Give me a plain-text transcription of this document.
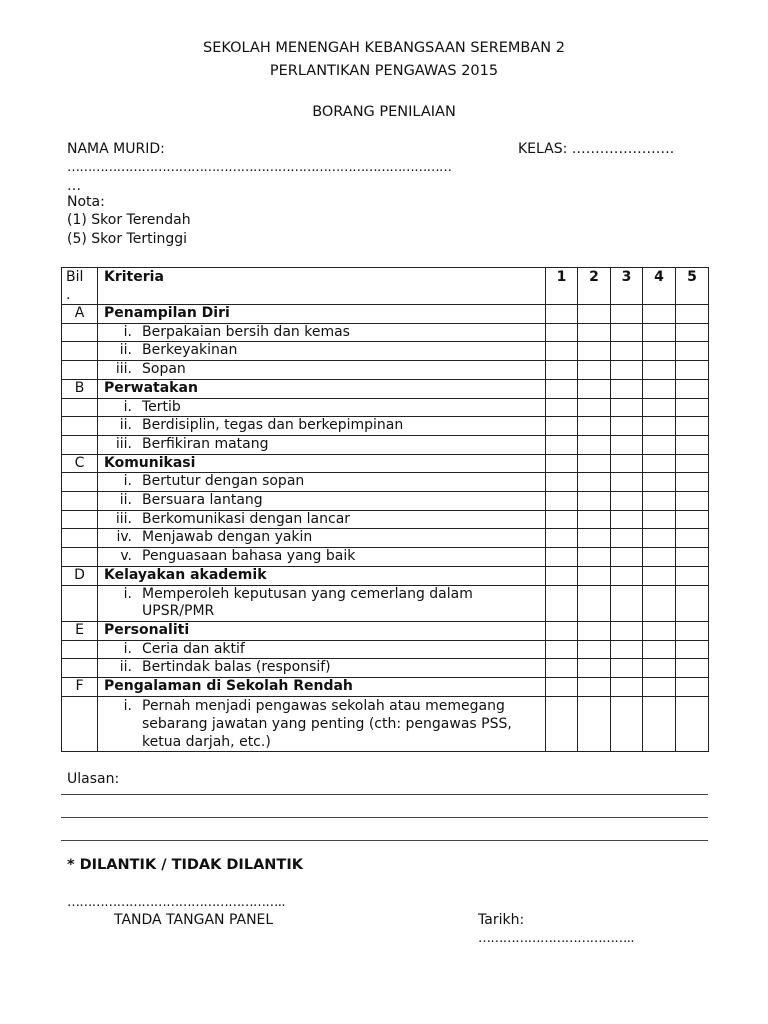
SEKOLAH MENENGAH KEBANGSAAN SEREMBAN 2
PERLANTIKAN PENGAWAS 2015
BORANG PENILAIAN
NAMA MURID:	KELAS: ………………….
…………………………………………………………………………………
…
Nota:
(1) Skor Terendah
(5) Skor Tertinggi
Bil .	Kriteria	1	2	3	4	5
A	Penampilan Diri					
	i. Berpakaian bersih dan kemas					
	ii. Berkeyakinan					
	iii. Sopan					
B	Perwatakan					
	i. Tertib					
	ii. Berdisiplin, tegas dan berkepimpinan					
	iii. Berfikiran matang					
C	Komunikasi					
	i. Bertutur dengan sopan					
	ii. Bersuara lantang					
	iii. Berkomunikasi dengan lancar					
	iv. Menjawab dengan yakin					
	v. Penguasaan bahasa yang baik					
D	Kelayakan akademik					
	i. Memperoleh keputusan yang cemerlang dalam UPSR/PMR					
E	Personaliti					
	i. Ceria dan aktif					
	ii. Bertindak balas (responsif)					
F	Pengalaman di Sekolah Rendah					
	i. Pernah menjadi pengawas sekolah atau memegang sebarang jawatan yang penting (cth: pengawas PSS, ketua darjah, etc.)					
Ulasan:
* DILANTIK / TIDAK DILANTIK
……………………………………………..
TANDA TANGAN PANEL	Tarikh:
………………………………..
